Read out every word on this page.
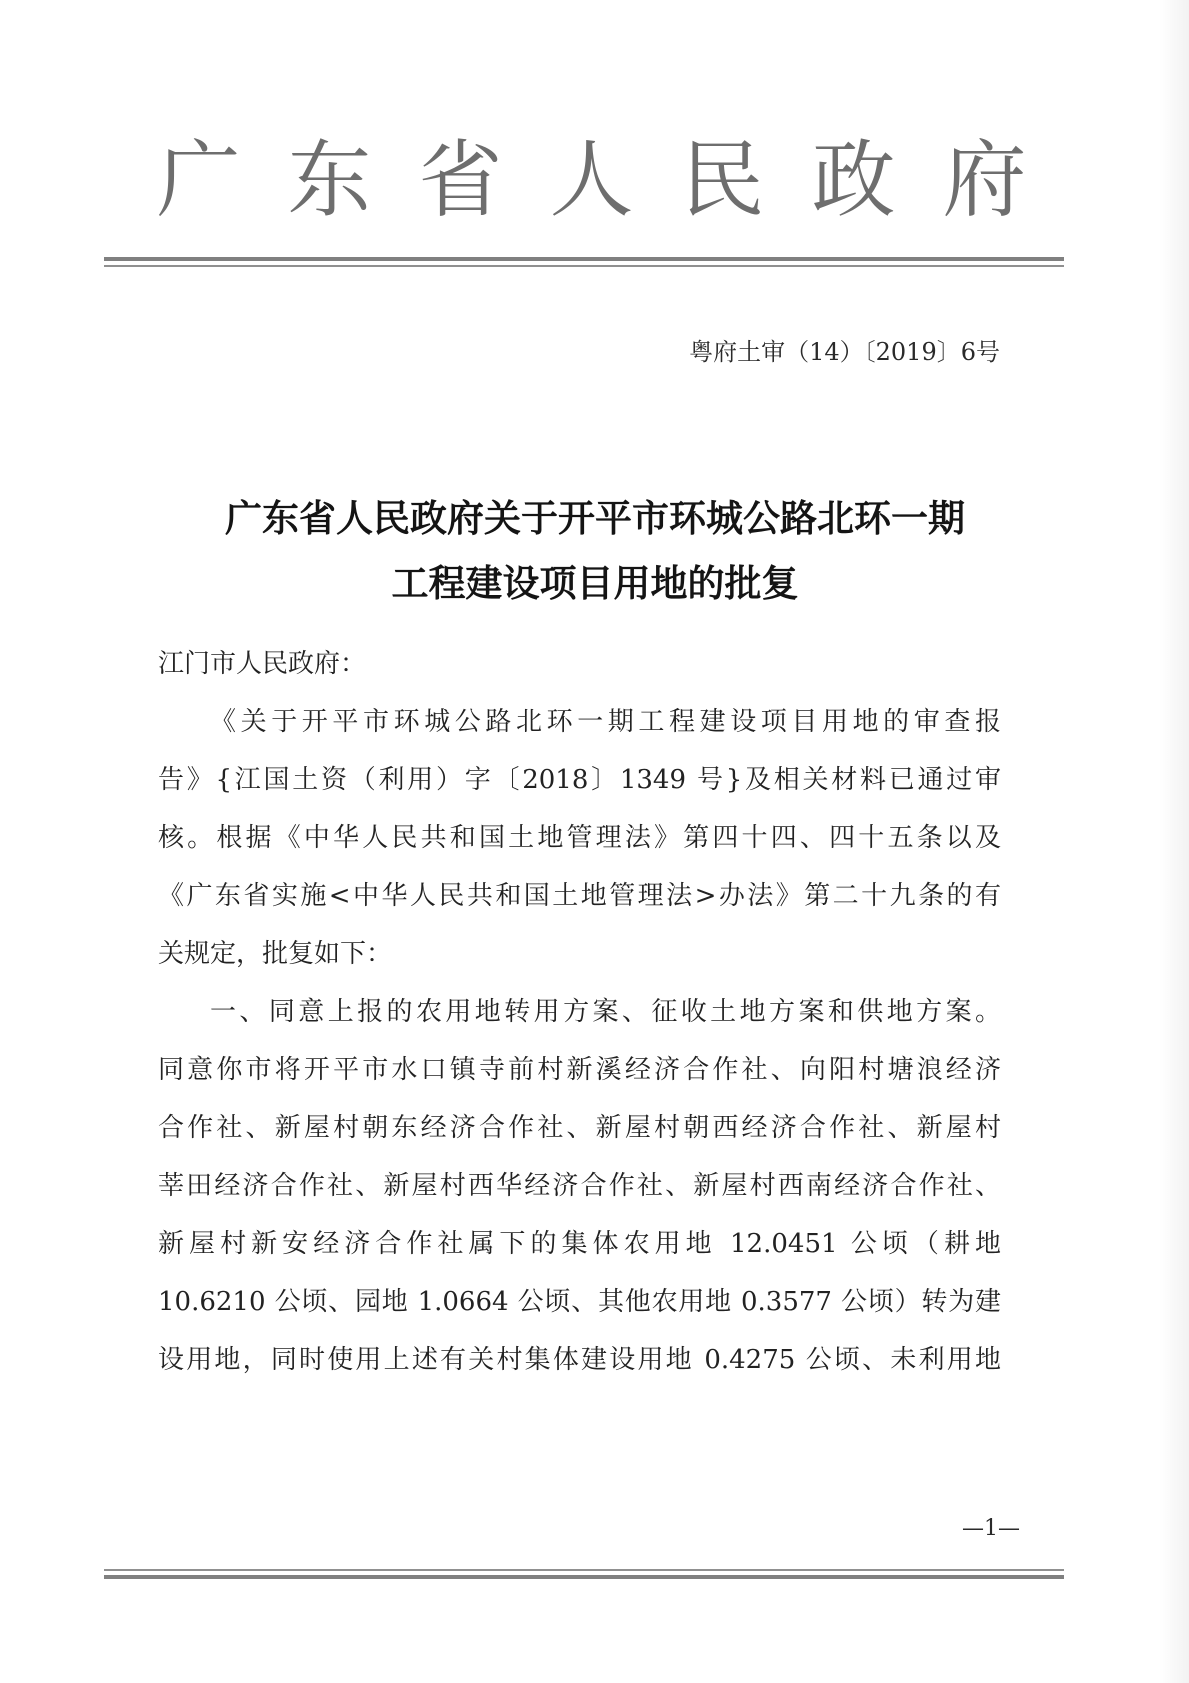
广东省人民政府
粤府土审（14）〔2019〕6号
广东省人民政府关于开平市环城公路北环一期
工程建设项目用地的批复
江门市人民政府：
《关于开平市环城公路北环一期工程建设项目用地的审查报
告》{江国土资（利用）字〔2018〕1349 号}及相关材料已通过审
核。根据《中华人民共和国土地管理法》第四十四、四十五条以及
《广东省实施<中华人民共和国土地管理法>办法》第二十九条的有
关规定，批复如下：
一、同意上报的农用地转用方案、征收土地方案和供地方案。
同意你市将开平市水口镇寺前村新溪经济合作社、向阳村塘浪经济
合作社、新屋村朝东经济合作社、新屋村朝西经济合作社、新屋村
莘田经济合作社、新屋村西华经济合作社、新屋村西南经济合作社、
新屋村新安经济合作社属下的集体农用地 12.0451 公顷（耕地
10.6210 公顷、园地 1.0664 公顷、其他农用地 0.3577 公顷）转为建
设用地，同时使用上述有关村集体建设用地 0.4275 公顷、未利用地
—1—
